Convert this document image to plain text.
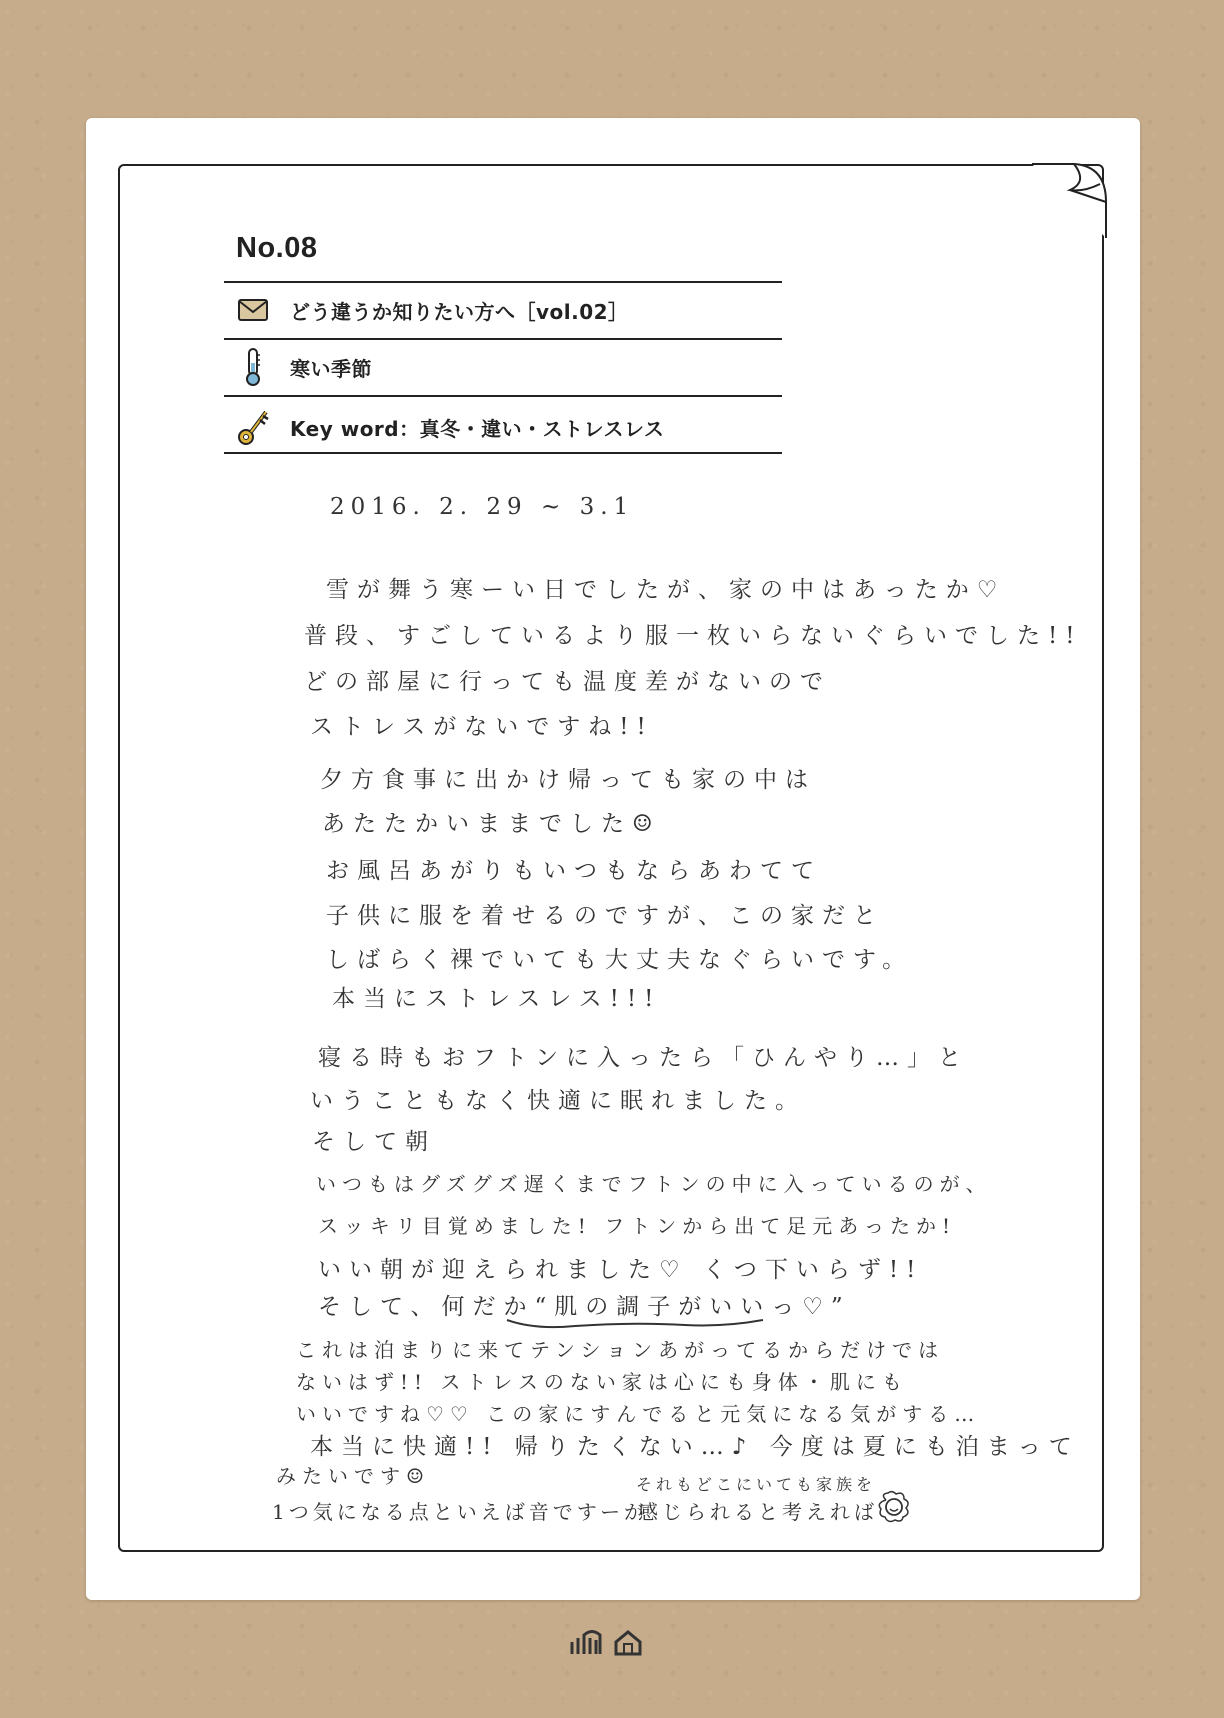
No.08
どう違うか知りたい方へ［vol.02］
寒い季節
Key word：真冬・違い・ストレスレス
2016. 2. 29 ~ 3.1
雪が舞う寒ーい日でしたが、家の中はあったか♡
普段、すごしているより服一枚いらないぐらいでした!!
どの部屋に行っても温度差がないので
ストレスがないですね!!
夕方食事に出かけ帰っても家の中は
あたたかいままでした☺
お風呂あがりもいつもならあわてて
子供に服を着せるのですが、この家だと
しばらく裸でいても大丈夫なぐらいです。
本当にストレスレス!!!
寝る時もおフトンに入ったら「ひんやり…」と
いうこともなく快適に眠れました。
そして朝
いつもはグズグズ遅くまでフトンの中に入っているのが、
スッキリ目覚めました! フトンから出て足元あったか!
いい朝が迎えられました♡ くつ下いらず!!
そして、何だか“肌の調子がいいっ♡”
これは泊まりに来てテンションあがってるからだけでは
ないはず!! ストレスのない家は心にも身体・肌にも
いいですね♡♡ この家にすんでると元気になる気がする…
本当に快適!! 帰りたくない…♪ 今度は夏にも泊まって
みたいです☺
1つ気になる点といえば音ですーが
それもどこにいても家族を
感じられると考えれば
